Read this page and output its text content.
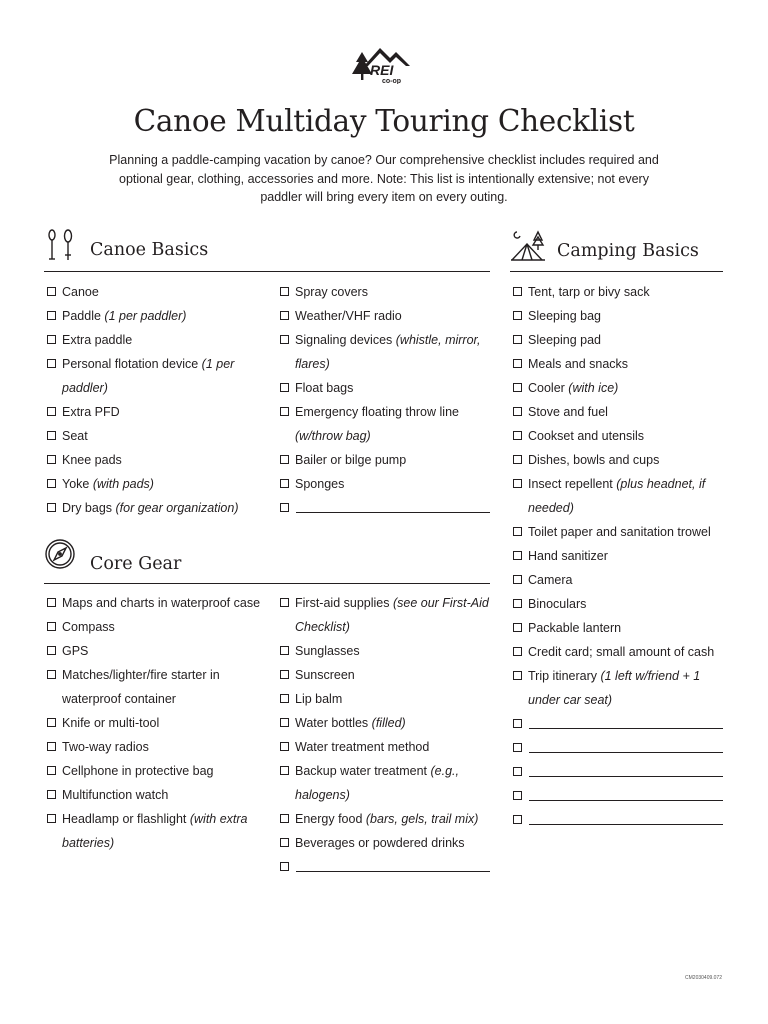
REI
co-op
Canoe Multiday Touring Checklist
Planning a paddle-camping vacation by canoe? Our comprehensive checklist includes required and optional gear, clothing, accessories and more. Note: This list is intentionally extensive; not every paddler will bring every item on every outing.
Canoe Basics
Canoe
Paddle (1 per paddler)
Extra paddle
Personal flotation device (1 per paddler)
Extra PFD
Seat
Knee pads
Yoke (with pads)
Dry bags (for gear organization)
Spray covers
Weather/VHF radio
Signaling devices (whistle, mirror, flares)
Float bags
Emergency floating throw line (w/throw bag)
Bailer or bilge pump
Sponges
Core Gear
Maps and charts in waterproof case
Compass
GPS
Matches/lighter/fire starter in waterproof container
Knife or multi-tool
Two-way radios
Cellphone in protective bag
Multifunction watch
Headlamp or flashlight (with extra batteries)
First-aid supplies (see our First-Aid Checklist)
Sunglasses
Sunscreen
Lip balm
Water bottles (filled)
Water treatment method
Backup water treatment (e.g., halogens)
Energy food (bars, gels, trail mix)
Beverages or powdered drinks
Camping Basics
Tent, tarp or bivy sack
Sleeping bag
Sleeping pad
Meals and snacks
Cooler (with ice)
Stove and fuel
Cookset and utensils
Dishes, bowls and cups
Insect repellent (plus headnet, if needed)
Toilet paper and sanitation trowel
Hand sanitizer
Camera
Binoculars
Packable lantern
Credit card; small amount of cash
Trip itinerary (1 left w/friend + 1 under car seat)
CM2030409.072
